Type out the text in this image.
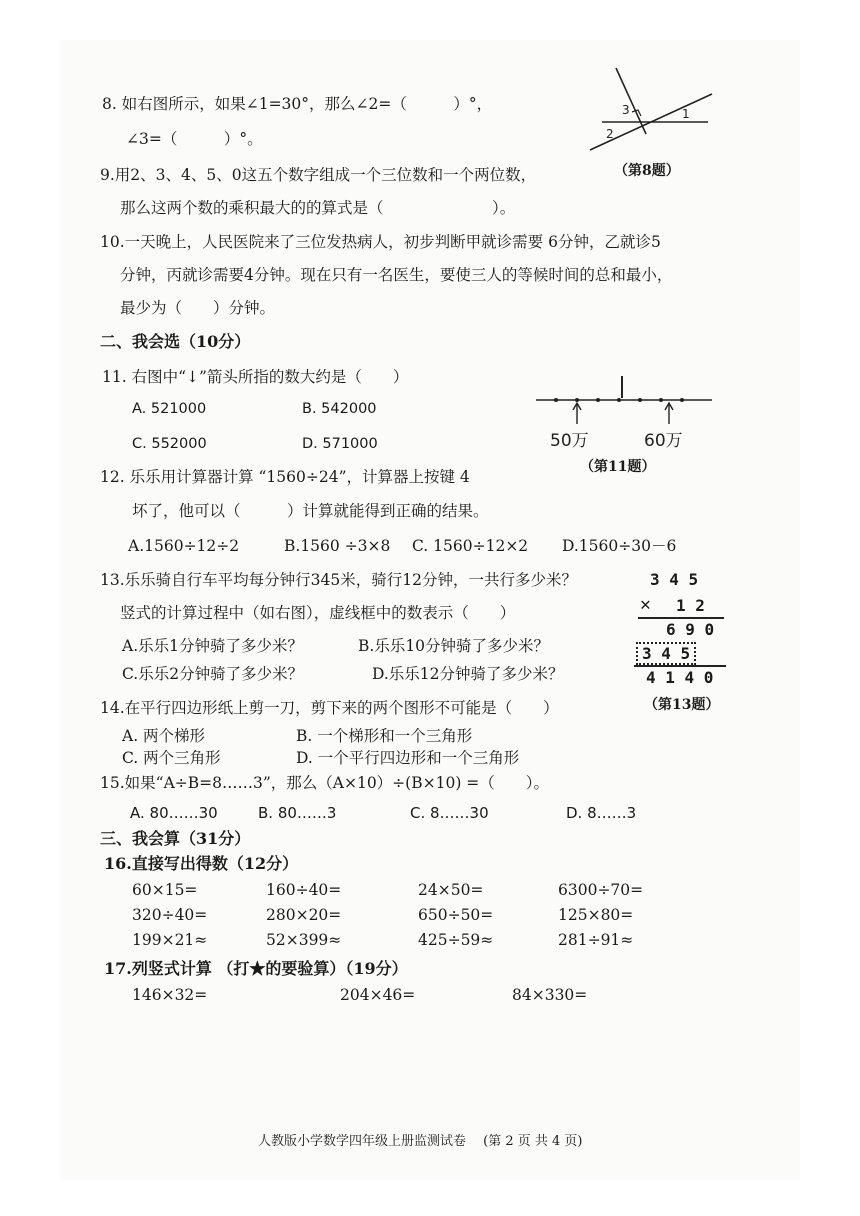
8. 如右图所示，如果∠1=30°，那么∠2=（　　　）°，
∠3=（　　　）°。
3
2
1
（第8题）
9.用2、3、4、5、0这五个数字组成一个三位数和一个两位数，
那么这两个数的乘积最大的的算式是（　　　　　　　）。
10.一天晚上，人民医院来了三位发热病人，初步判断甲就诊需要 6分钟，乙就诊5
分钟，丙就诊需要4分钟。现在只有一名医生，要使三人的等候时间的总和最小，
最少为（　　）分钟。
二、我会选（10分）
11. 右图中“↓”箭头所指的数大约是（　　）
A. 521000	B. 542000
C. 552000	D. 571000	50万	60万
（第11题）
12. 乐乐用计算器计算 “1560÷24”，计算器上按键 4
坏了，他可以（　　　）计算就能得到正确的结果。
A.1560÷12÷2	B.1560 ÷3×8 C. 1560÷12×2 D.1560÷30－6
13.乐乐骑自行车平均每分钟行345米，骑行12分钟，一共行多少米？
竖式的计算过程中（如右图），虚线框中的数表示（　　）
A.乐乐1分钟骑了多少米？	B.乐乐10分钟骑了多少米？
C.乐乐2分钟骑了多少米？	D.乐乐12分钟骑了多少米？
3 4 5
✕ 1 2
6 9 0
3 4 5
4 1 4 0
（第13题）
14.在平行四边形纸上剪一刀，剪下来的两个图形不可能是（　　）
A. 两个梯形	B. 一个梯形和一个三角形
C. 两个三角形	D. 一个平行四边形和一个三角形
15.如果“A÷B=8……3”，那么（A×10）÷(B×10) =（　　）。
A. 80……30	B. 80……3	C. 8……30	D. 8……3
三、我会算（31分）
16.直接写出得数（12分）
60×15=	160÷40=	24×50=	6300÷70=
320÷40=	280×20=	650÷50=	125×80=
199×21≈	52×399≈	425÷59≈	281÷91≈
17.列竖式计算 （打★的要验算）（19分）
146×32=	204×46=	84×330=
人教版小学数学四年级上册监测试卷　 (第 2 页 共 4 页)
